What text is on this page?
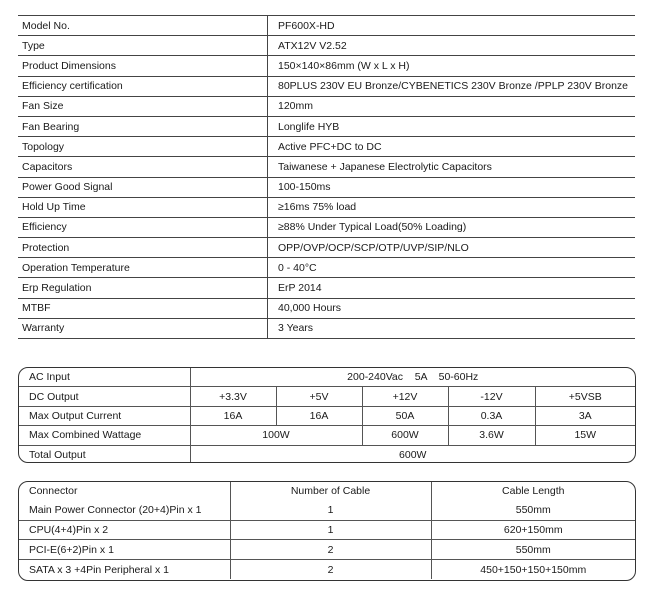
Model No.	PF600X-HD
Type	ATX12V V2.52
Product Dimensions	150×140×86mm (W x L x H)
Efficiency certification	80PLUS 230V EU Bronze/CYBENETICS 230V Bronze /PPLP 230V Bronze
Fan Size	120mm
Fan Bearing	Longlife HYB
Topology	Active PFC+DC to DC
Capacitors	Taiwanese + Japanese Electrolytic Capacitors
Power Good Signal	100-150ms
Hold Up Time	≥16ms 75% load
Efficiency	≥88% Under Typical Load(50% Loading)
Protection	OPP/OVP/OCP/SCP/OTP/UVP/SIP/NLO
Operation Temperature	0 - 40°C
Erp Regulation	ErP 2014
MTBF	40,000 Hours
Warranty	3 Years
AC Input	200-240Vac    5A    50-60Hz				
DC Output	+3.3V	+5V	+12V	-12V	+5VSB
Max Output Current	16A	16A	50A	0.3A	3A
Max Combined Wattage	100W		600W	3.6W	15W
Total Output	600W				
Connector	Number of Cable	Cable Length
Main Power Connector (20+4)Pin x 1	1	550mm
CPU(4+4)Pin x 2	1	620+150mm
PCI-E(6+2)Pin x 1	2	550mm
SATA x 3 +4Pin Peripheral x 1	2	450+150+150+150mm
